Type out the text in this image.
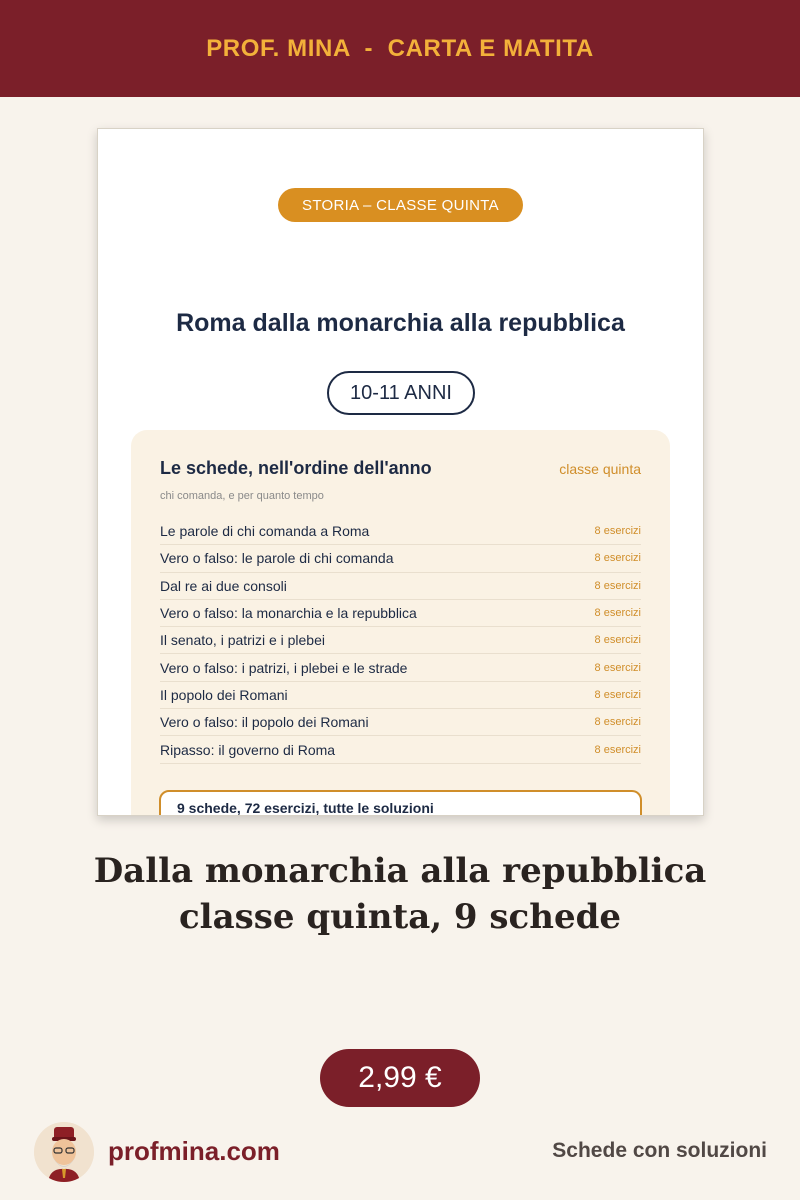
PROF. MINA  -  CARTA E MATITA
STORIA – CLASSE QUINTA
Roma dalla monarchia alla repubblica
10-11 ANNI
Le schede, nell'ordine dell'anno	classe quinta
chi comanda, e per quanto tempo
Le parole di chi comanda a Roma	8 esercizi
Vero o falso: le parole di chi comanda	8 esercizi
Dal re ai due consoli	8 esercizi
Vero o falso: la monarchia e la repubblica	8 esercizi
Il senato, i patrizi e i plebei	8 esercizi
Vero o falso: i patrizi, i plebei e le strade	8 esercizi
Il popolo dei Romani	8 esercizi
Vero o falso: il popolo dei Romani	8 esercizi
Ripasso: il governo di Roma	8 esercizi
9 schede, 72 esercizi, tutte le soluzioni
Dalla monarchia alla repubblica
classe quinta, 9 schede
2,99 €
profmina.com	Schede con soluzioni
